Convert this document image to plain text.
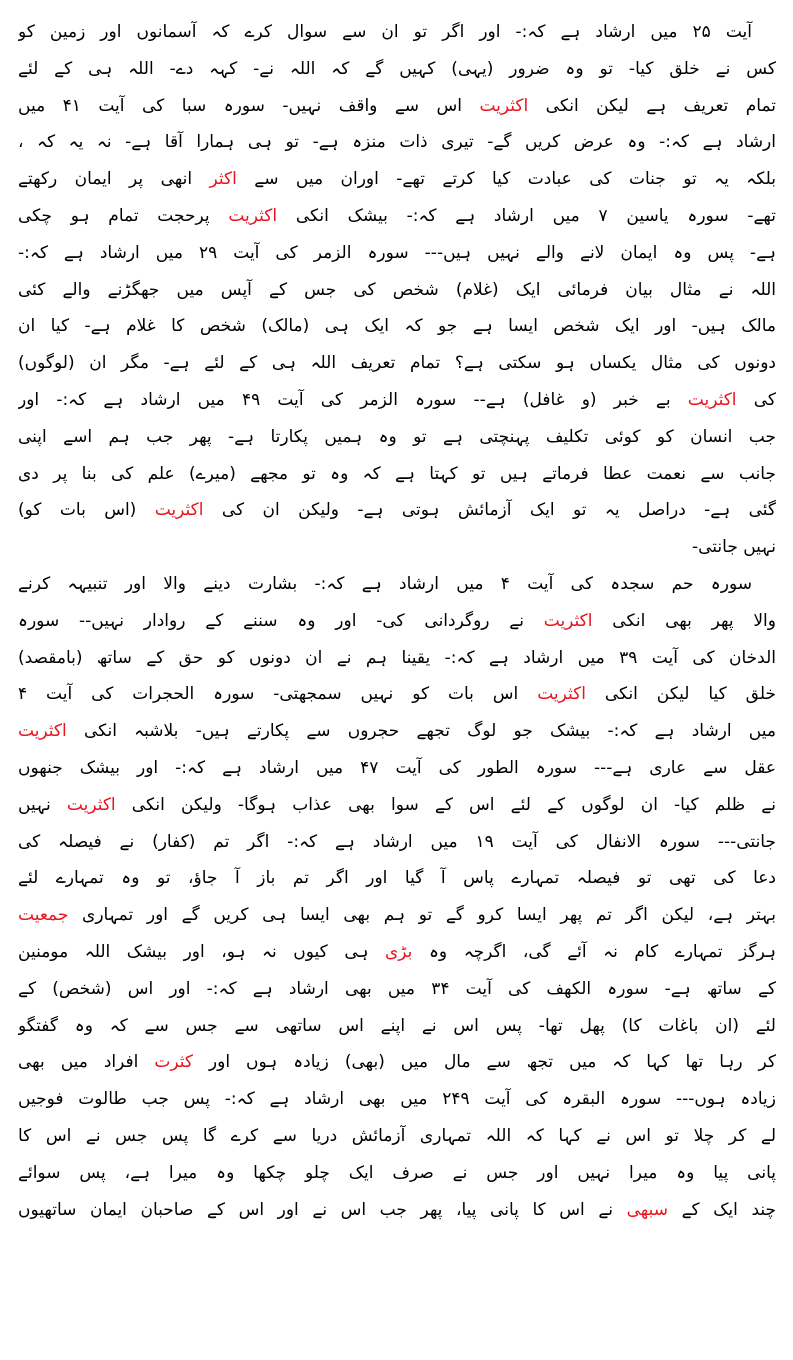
آیت ۲۵ میں ارشاد ہے کہ:- اور اگر تو ان سے سوال کرے کہ آسمانوں اور زمین کو
کس نے خلق کیا- تو وہ ضرور (یہی) کہیں گے کہ اللہ نے- کہہ دے- اللہ ہی کے لئے
تمام تعریف ہے لیکن انکی اکثریت اس سے واقف نہیں- سورہ سبا کی آیت ۴۱ میں
ارشاد ہے کہ:- وہ عرض کریں گے- تیری ذات منزہ ہے- تو ہی ہمارا آقا ہے- نہ یہ کہ ،
بلکہ یہ تو جنات کی عبادت کیا کرتے تھے- اوران میں سے اکثر انھی پر ایمان رکھتے
تھے- سورہ یاسین ۷ میں ارشاد ہے کہ:- بیشک انکی اکثریت پرحجت تمام ہو چکی
ہے- پس وہ ایمان لانے والے نہیں ہیں--- سورہ الزمر کی آیت ۲۹ میں ارشاد ہے کہ:-
اللہ نے مثال بیان فرمائی ایک (غلام) شخص کی جس کے آپس میں جھگڑنے والے کئی
مالک ہیں- اور ایک شخص ایسا ہے جو کہ ایک ہی (مالک) شخص کا غلام ہے- کیا ان
دونوں کی مثال یکساں ہو سکتی ہے؟ تمام تعریف اللہ ہی کے لئے ہے- مگر ان (لوگوں)
کی اکثریت بے خبر (و غافل) ہے-- سورہ الزمر کی آیت ۴۹ میں ارشاد ہے کہ:- اور
جب انسان کو کوئی تکلیف پہنچتی ہے تو وہ ہمیں پکارتا ہے- پھر جب ہم اسے اپنی
جانب سے نعمت عطا فرماتے ہیں تو کہتا ہے کہ وہ تو مجھے (میرے) علم کی بنا پر دی
گئی ہے- دراصل یہ تو ایک آزمائش ہوتی ہے- ولیکن ان کی اکثریت (اس بات کو)
نہیں جانتی-
سورہ حم سجدہ کی آیت ۴ میں ارشاد ہے کہ:- بشارت دینے والا اور تنبیہہ کرنے
والا پھر بھی انکی اکثریت نے روگردانی کی- اور وہ سننے کے روادار نہیں-- سورہ
الدخان کی آیت ۳۹ میں ارشاد ہے کہ:- یقینا ہم نے ان دونوں کو حق کے ساتھ (بامقصد)
خلق کیا لیکن انکی اکثریت اس بات کو نہیں سمجھتی- سورہ الحجرات کی آیت ۴
میں ارشاد ہے کہ:- بیشک جو لوگ تجھے حجروں سے پکارتے ہیں- بلاشبہ انکی اکثریت
عقل سے عاری ہے--- سورہ الطور کی آیت ۴۷ میں ارشاد ہے کہ:- اور بیشک جنھوں
نے ظلم کیا- ان لوگوں کے لئے اس کے سوا بھی عذاب ہوگا- ولیکن انکی اکثریت نہیں
جانتی--- سورہ الانفال کی آیت ۱۹ میں ارشاد ہے کہ:- اگر تم (کفار) نے فیصلہ کی
دعا کی تھی تو فیصلہ تمہارے پاس آ گیا اور اگر تم باز آ جاؤ، تو وہ تمہارے لئے
بہتر ہے، لیکن اگر تم پھر ایسا کرو گے تو ہم بھی ایسا ہی کریں گے اور تمہاری جمعیت
ہرگز تمہارے کام نہ آئے گی، اگرچہ وہ بڑی ہی کیوں نہ ہو، اور بیشک اللہ مومنین
کے ساتھ ہے- سورہ الکھف کی آیت ۳۴ میں بھی ارشاد ہے کہ:- اور اس (شخص) کے
لئے (ان باغات کا) پھل تھا- پس اس نے اپنے اس ساتھی سے جس سے کہ وہ گفتگو
کر رہا تھا کہا کہ میں تجھ سے مال میں (بھی) زیادہ ہوں اور کثرت افراد میں بھی
زیادہ ہوں--- سورہ البقرہ کی آیت ۲۴۹ میں بھی ارشاد ہے کہ:- پس جب طالوت فوجیں
لے کر چلا تو اس نے کہا کہ اللہ تمہاری آزمائش دریا سے کرے گا پس جس نے اس کا
پانی پیا وہ میرا نہیں اور جس نے صرف ایک چلو چکھا وہ میرا ہے، پس سوائے
چند ایک کے سبھی نے اس کا پانی پیا، پھر جب اس نے اور اس کے صاحبان ایمان ساتھیوں
